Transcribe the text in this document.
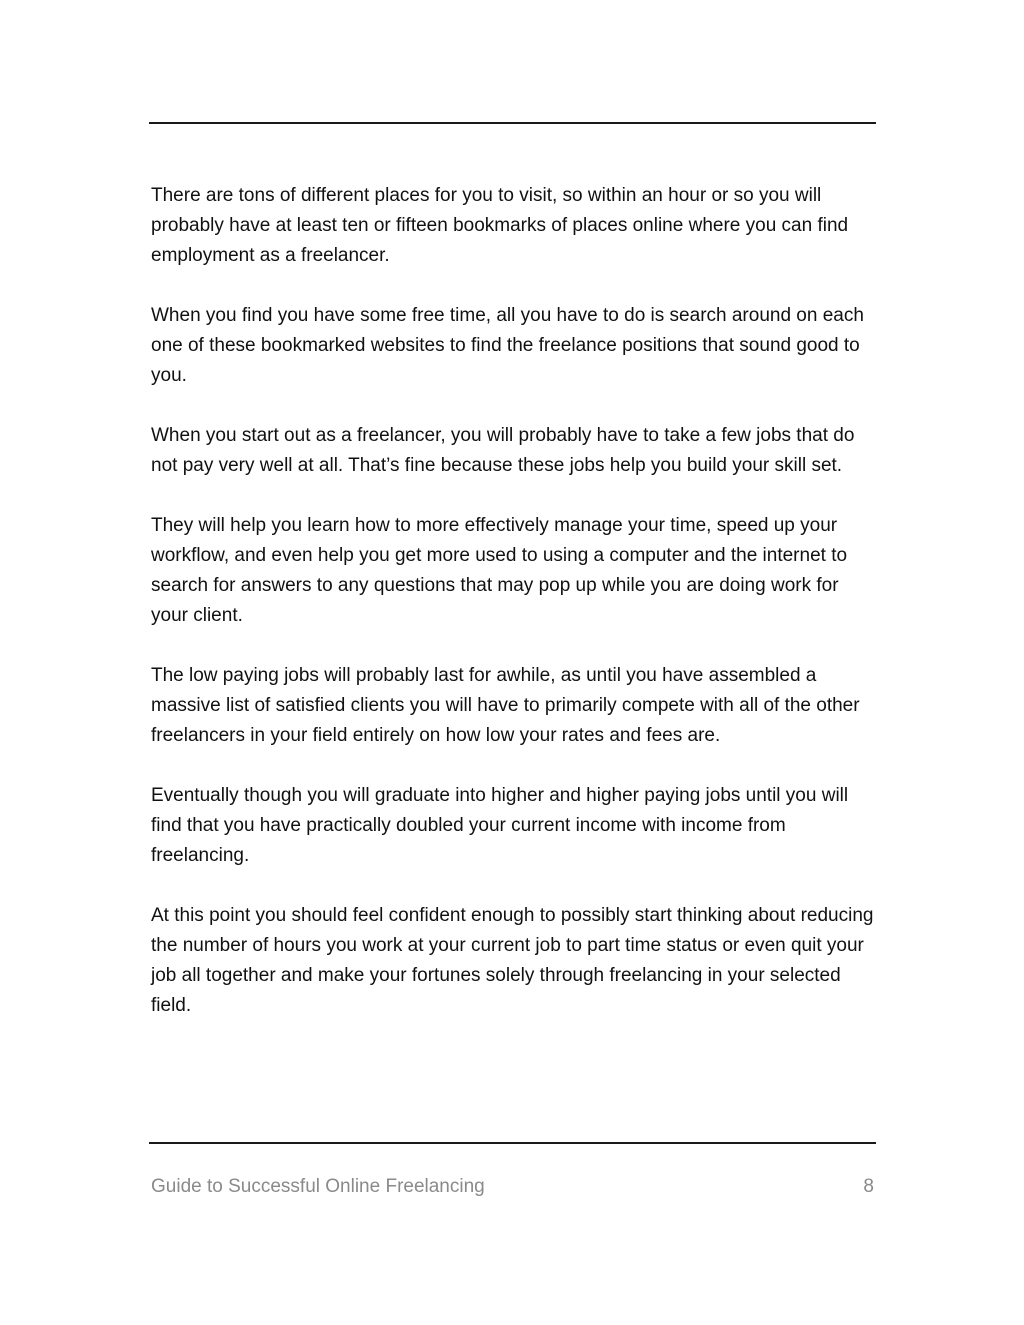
There are tons of different places for you to visit, so within an hour or so you will probably have at least ten or fifteen bookmarks of places online where you can find employment as a freelancer.

When you find you have some free time, all you have to do is search around on each one of these bookmarked websites to find the freelance positions that sound good to you.

When you start out as a freelancer, you will probably have to take a few jobs that do not pay very well at all. That’s fine because these jobs help you build your skill set.

They will help you learn how to more effectively manage your time, speed up your workflow, and even help you get more used to using a computer and the internet to search for answers to any questions that may pop up while you are doing work for your client.

The low paying jobs will probably last for awhile, as until you have assembled a massive list of satisfied clients you will have to primarily compete with all of the other freelancers in your field entirely on how low your rates and fees are.

Eventually though you will graduate into higher and higher paying jobs until you will find that you have practically doubled your current income with income from freelancing.

At this point you should feel confident enough to possibly start thinking about reducing the number of hours you work at your current job to part time status or even quit your job all together and make your fortunes solely through freelancing in your selected field.

Guide to Successful Online Freelancing	8
